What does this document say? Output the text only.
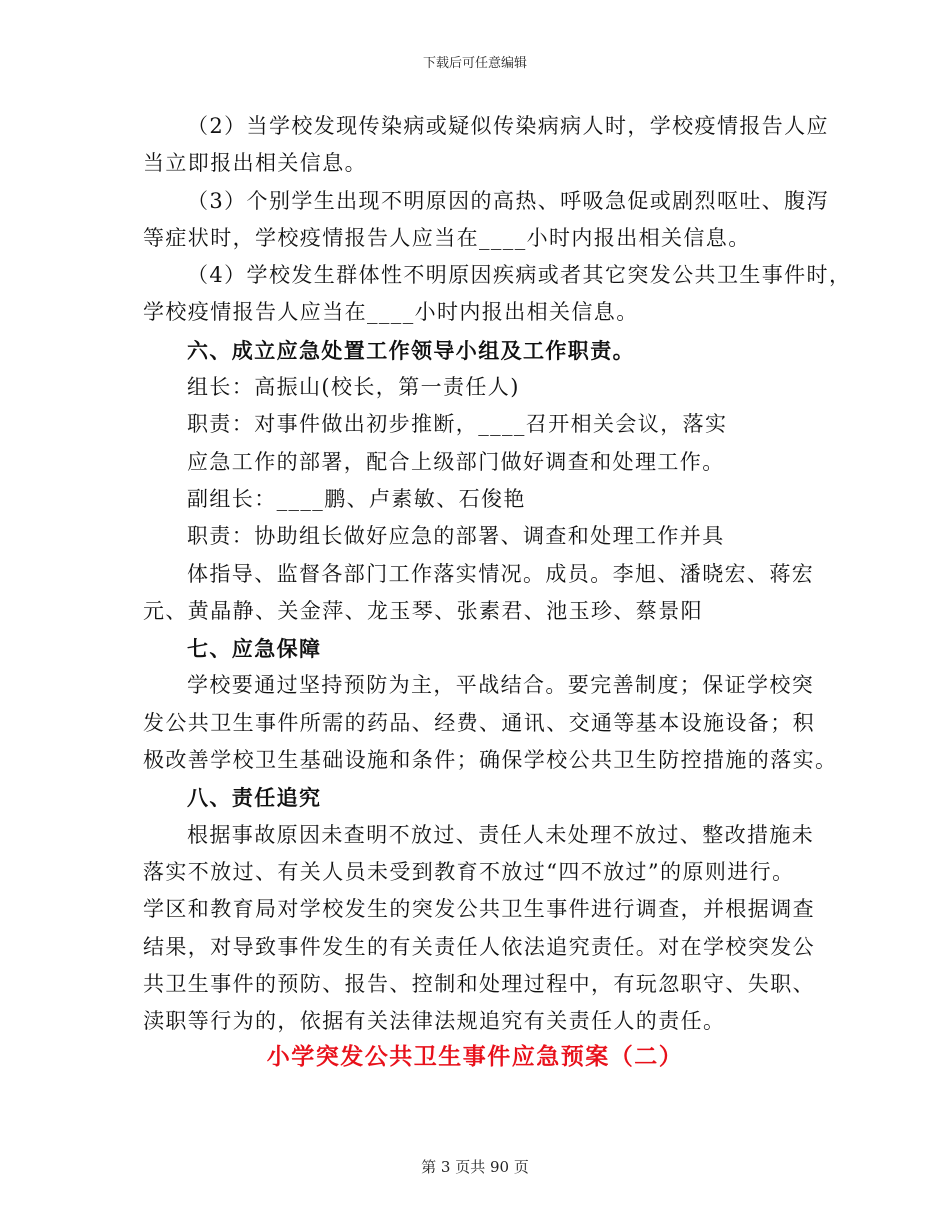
下载后可任意编辑
（2）当学校发现传染病或疑似传染病病人时，学校疫情报告人应
当立即报出相关信息。
（3）个别学生出现不明原因的高热、呼吸急促或剧烈呕吐、腹泻
等症状时，学校疫情报告人应当在____小时内报出相关信息。
（4）学校发生群体性不明原因疾病或者其它突发公共卫生事件时，
学校疫情报告人应当在____小时内报出相关信息。
六、成立应急处置工作领导小组及工作职责。
组长：高振山(校长，第一责任人)
职责：对事件做出初步推断，____召开相关会议，落实
应急工作的部署，配合上级部门做好调查和处理工作。
副组长：____鹏、卢素敏、石俊艳
职责：协助组长做好应急的部署、调查和处理工作并具
体指导、监督各部门工作落实情况。成员。李旭、潘晓宏、蒋宏
元、黄晶静、关金萍、龙玉琴、张素君、池玉珍、蔡景阳
七、应急保障
学校要通过坚持预防为主，平战结合。要完善制度；保证学校突
发公共卫生事件所需的药品、经费、通讯、交通等基本设施设备；积
极改善学校卫生基础设施和条件；确保学校公共卫生防控措施的落实。
八、责任追究
根据事故原因未查明不放过、责任人未处理不放过、整改措施未
落实不放过、有关人员未受到教育不放过“四不放过”的原则进行。
学区和教育局对学校发生的突发公共卫生事件进行调查，并根据调查
结果，对导致事件发生的有关责任人依法追究责任。对在学校突发公
共卫生事件的预防、报告、控制和处理过程中，有玩忽职守、失职、
渎职等行为的，依据有关法律法规追究有关责任人的责任。
小学突发公共卫生事件应急预案（二）
第 3 页共 90 页
